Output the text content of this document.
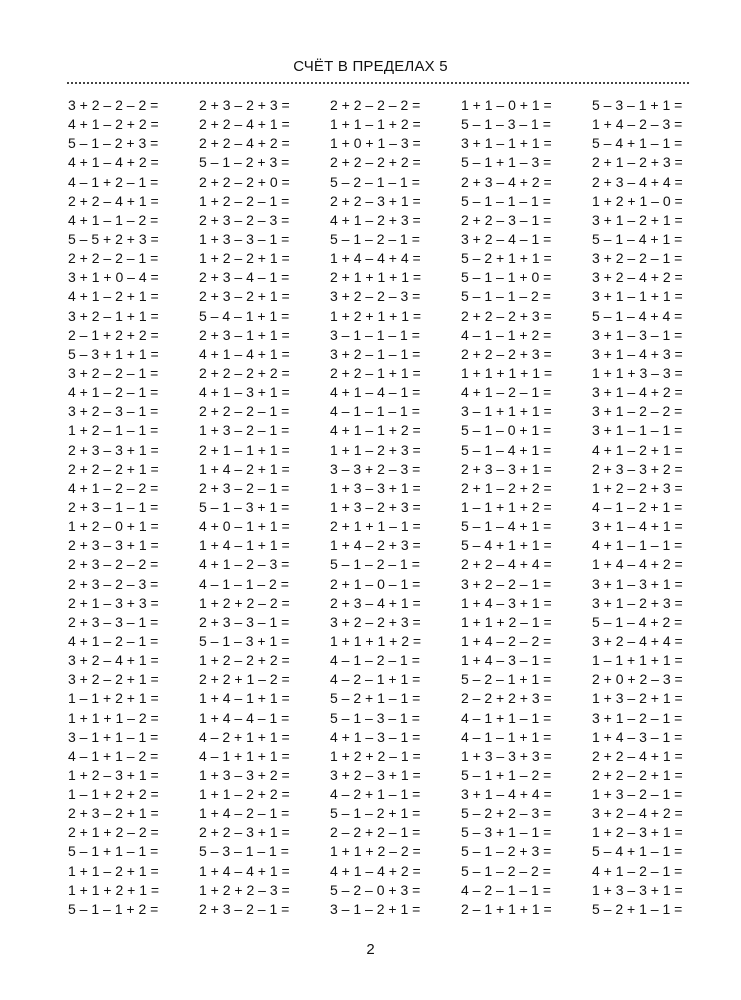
СЧЁТ В ПРЕДЕЛАХ 5
3 + 2 – 2 – 2 =
4 + 1 – 2 + 2 =
5 – 1 – 2 + 3 =
4 + 1 – 4 + 2 =
4 – 1 + 2 – 1 =
2 + 2 – 4 + 1 =
4 + 1 – 1 – 2 =
5 – 5 + 2 + 3 =
2 + 2 – 2 – 1 =
3 + 1 + 0 – 4 =
4 + 1 – 2 + 1 =
3 + 2 – 1 + 1 =
2 – 1 + 2 + 2 =
5 – 3 + 1 + 1 =
3 + 2 – 2 – 1 =
4 + 1 – 2 – 1 =
3 + 2 – 3 – 1 =
1 + 2 – 1 – 1 =
2 + 3 – 3 + 1 =
2 + 2 – 2 + 1 =
4 + 1 – 2 – 2 =
2 + 3 – 1 – 1 =
1 + 2 – 0 + 1 =
2 + 3 – 3 + 1 =
2 + 3 – 2 – 2 =
2 + 3 – 2 – 3 =
2 + 1 – 3 + 3 =
2 + 3 – 3 – 1 =
4 + 1 – 2 – 1 =
3 + 2 – 4 + 1 =
3 + 2 – 2 + 1 =
1 – 1 + 2 + 1 =
1 + 1 + 1 – 2 =
3 – 1 + 1 – 1 =
4 – 1 + 1 – 2 =
1 + 2 – 3 + 1 =
1 – 1 + 2 + 2 =
2 + 3 – 2 + 1 =
2 + 1 + 2 – 2 =
5 – 1 + 1 – 1 =
1 + 1 – 2 + 1 =
1 + 1 + 2 + 1 =
5 – 1 – 1 + 2 =
2 + 3 – 2 + 3 =
2 + 2 – 4 + 1 =
2 + 2 – 4 + 2 =
5 – 1 – 2 + 3 =
2 + 2 – 2 + 0 =
1 + 2 – 2 – 1 =
2 + 3 – 2 – 3 =
1 + 3 – 3 – 1 =
1 + 2 – 2 + 1 =
2 + 3 – 4 – 1 =
2 + 3 – 2 + 1 =
5 – 4 – 1 + 1 =
2 + 3 – 1 + 1 =
4 + 1 – 4 + 1 =
2 + 2 – 2 + 2 =
4 + 1 – 3 + 1 =
2 + 2 – 2 – 1 =
1 + 3 – 2 – 1 =
2 + 1 – 1 + 1 =
1 + 4 – 2 + 1 =
2 + 3 – 2 – 1 =
5 – 1 – 3 + 1 =
4 + 0 – 1 + 1 =
1 + 4 – 1 + 1 =
4 + 1 – 2 – 3 =
4 – 1 – 1 – 2 =
1 + 2 + 2 – 2 =
2 + 3 – 3 – 1 =
5 – 1 – 3 + 1 =
1 + 2 – 2 + 2 =
2 + 2 + 1 – 2 =
1 + 4 – 1 + 1 =
1 + 4 – 4 – 1 =
4 – 2 + 1 + 1 =
4 – 1 + 1 + 1 =
1 + 3 – 3 + 2 =
1 + 1 – 2 + 2 =
1 + 4 – 2 – 1 =
2 + 2 – 3 + 1 =
5 – 3 – 1 – 1 =
1 + 4 – 4 + 1 =
1 + 2 + 2 – 3 =
2 + 3 – 2 – 1 =
2 + 2 – 2 – 2 =
1 + 1 – 1 + 2 =
1 + 0 + 1 – 3 =
2 + 2 – 2 + 2 =
5 – 2 – 1 – 1 =
2 + 2 – 3 + 1 =
4 + 1 – 2 + 3 =
5 – 1 – 2 – 1 =
1 + 4 – 4 + 4 =
2 + 1 + 1 + 1 =
3 + 2 – 2 – 3 =
1 + 2 + 1 + 1 =
3 – 1 – 1 – 1 =
3 + 2 – 1 – 1 =
2 + 2 – 1 + 1 =
4 + 1 – 4 – 1 =
4 – 1 – 1 – 1 =
4 + 1 – 1 + 2 =
1 + 1 – 2 + 3 =
3 – 3 + 2 – 3 =
1 + 3 – 3 + 1 =
1 + 3 – 2 + 3 =
2 + 1 + 1 – 1 =
1 + 4 – 2 + 3 =
5 – 1 – 2 – 1 =
2 + 1 – 0 – 1 =
2 + 3 – 4 + 1 =
3 + 2 – 2 + 3 =
1 + 1 + 1 + 2 =
4 – 1 – 2 – 1 =
4 – 2 – 1 + 1 =
5 – 2 + 1 – 1 =
5 – 1 – 3 – 1 =
4 + 1 – 3 – 1 =
1 + 2 + 2 – 1 =
3 + 2 – 3 + 1 =
4 – 2 + 1 – 1 =
5 – 1 – 2 + 1 =
2 – 2 + 2 – 1 =
1 + 1 + 2 – 2 =
4 + 1 – 4 + 2 =
5 – 2 – 0 + 3 =
3 – 1 – 2 + 1 =
1 + 1 – 0 + 1 =
5 – 1 – 3 – 1 =
3 + 1 – 1 + 1 =
5 – 1 + 1 – 3 =
2 + 3 – 4 + 2 =
5 – 1 – 1 – 1 =
2 + 2 – 3 – 1 =
3 + 2 – 4 – 1 =
5 – 2 + 1 + 1 =
5 – 1 – 1 + 0 =
5 – 1 – 1 – 2 =
2 + 2 – 2 + 3 =
4 – 1 – 1 + 2 =
2 + 2 – 2 + 3 =
1 + 1 + 1 + 1 =
4 + 1 – 2 – 1 =
3 – 1 + 1 + 1 =
5 – 1 – 0 + 1 =
5 – 1 – 4 + 1 =
2 + 3 – 3 + 1 =
2 + 1 – 2 + 2 =
1 – 1 + 1 + 2 =
5 – 1 – 4 + 1 =
5 – 4 + 1 + 1 =
2 + 2 – 4 + 4 =
3 + 2 – 2 – 1 =
1 + 4 – 3 + 1 =
1 + 1 + 2 – 1 =
1 + 4 – 2 – 2 =
1 + 4 – 3 – 1 =
5 – 2 – 1 + 1 =
2 – 2 + 2 + 3 =
4 – 1 + 1 – 1 =
4 – 1 – 1 + 1 =
1 + 3 – 3 + 3 =
5 – 1 + 1 – 2 =
3 + 1 – 4 + 4 =
5 – 2 + 2 – 3 =
5 – 3 + 1 – 1 =
5 – 1 – 2 + 3 =
5 – 1 – 2 – 2 =
4 – 2 – 1 – 1 =
2 – 1 + 1 + 1 =
5 – 3 – 1 + 1 =
1 + 4 – 2 – 3 =
5 – 4 + 1 – 1 =
2 + 1 – 2 + 3 =
2 + 3 – 4 + 4 =
1 + 2 + 1 – 0 =
3 + 1 – 2 + 1 =
5 – 1 – 4 + 1 =
3 + 2 – 2 – 1 =
3 + 2 – 4 + 2 =
3 + 1 – 1 + 1 =
5 – 1 – 4 + 4 =
3 + 1 – 3 – 1 =
3 + 1 – 4 + 3 =
1 + 1 + 3 – 3 =
3 + 1 – 4 + 2 =
3 + 1 – 2 – 2 =
3 + 1 – 1 – 1 =
4 + 1 – 2 + 1 =
2 + 3 – 3 + 2 =
1 + 2 – 2 + 3 =
4 – 1 – 2 + 1 =
3 + 1 – 4 + 1 =
4 + 1 – 1 – 1 =
1 + 4 – 4 + 2 =
3 + 1 – 3 + 1 =
3 + 1 – 2 + 3 =
5 – 1 – 4 + 2 =
3 + 2 – 4 + 4 =
1 – 1 + 1 + 1 =
2 + 0 + 2 – 3 =
1 + 3 – 2 + 1 =
3 + 1 – 2 – 1 =
1 + 4 – 3 – 1 =
2 + 2 – 4 + 1 =
2 + 2 – 2 + 1 =
1 + 3 – 2 – 1 =
3 + 2 – 4 + 2 =
1 + 2 – 3 + 1 =
5 – 4 + 1 – 1 =
4 + 1 – 2 – 1 =
1 + 3 – 3 + 1 =
5 – 2 + 1 – 1 =
2
